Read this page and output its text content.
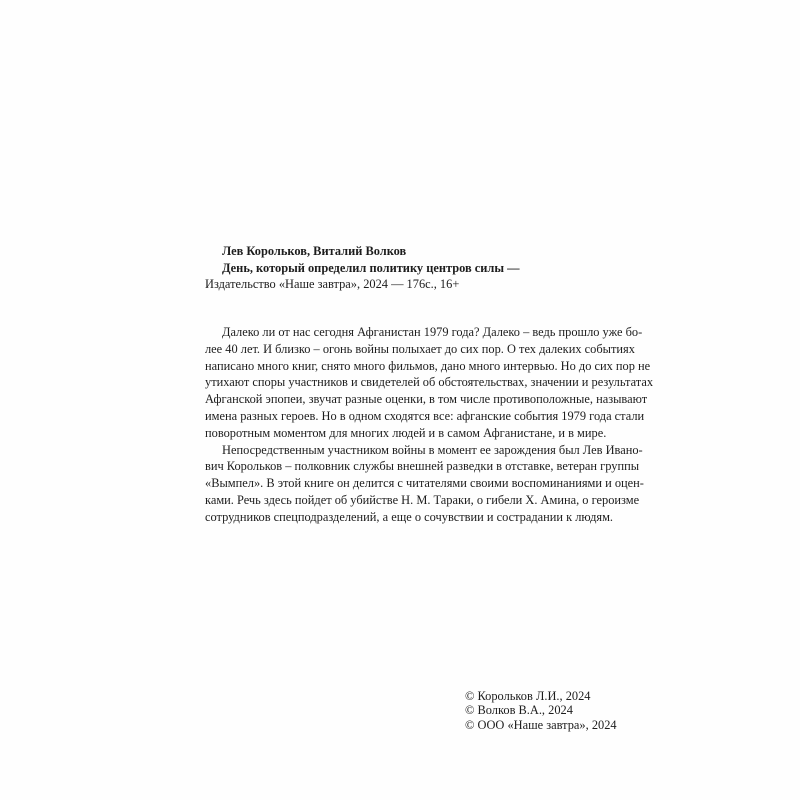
Лев Корольков, Виталий Волков
День, который определил политику центров силы —
Издательство «Наше завтра», 2024 — 176с., 16+
Далеко ли от нас сегодня Афганистан 1979 года? Далеко – ведь прошло уже бо-
лее 40 лет. И близко – огонь войны полыхает до сих пор. О тех далеких событиях
написано много книг, снято много фильмов, дано много интервью. Но до сих пор не
утихают споры участников и свидетелей об обстоятельствах, значении и результатах
Афганской эпопеи, звучат разные оценки, в том числе противоположные, называют
имена разных героев. Но в одном сходятся все: афганские события 1979 года стали
поворотным моментом для многих людей и в самом Афганистане, и в мире.
Непосредственным участником войны в момент ее зарождения был Лев Ивано-
вич Корольков – полковник службы внешней разведки в отставке, ветеран группы
«Вымпел». В этой книге он делится с читателями своими воспоминаниями и оцен-
ками. Речь здесь пойдет об убийстве Н. М. Тараки, о гибели Х. Амина, о героизме
сотрудников спецподразделений, а еще о сочувствии и сострадании к людям.
© Корольков Л.И., 2024
© Волков В.А., 2024
© ООО «Наше завтра», 2024
